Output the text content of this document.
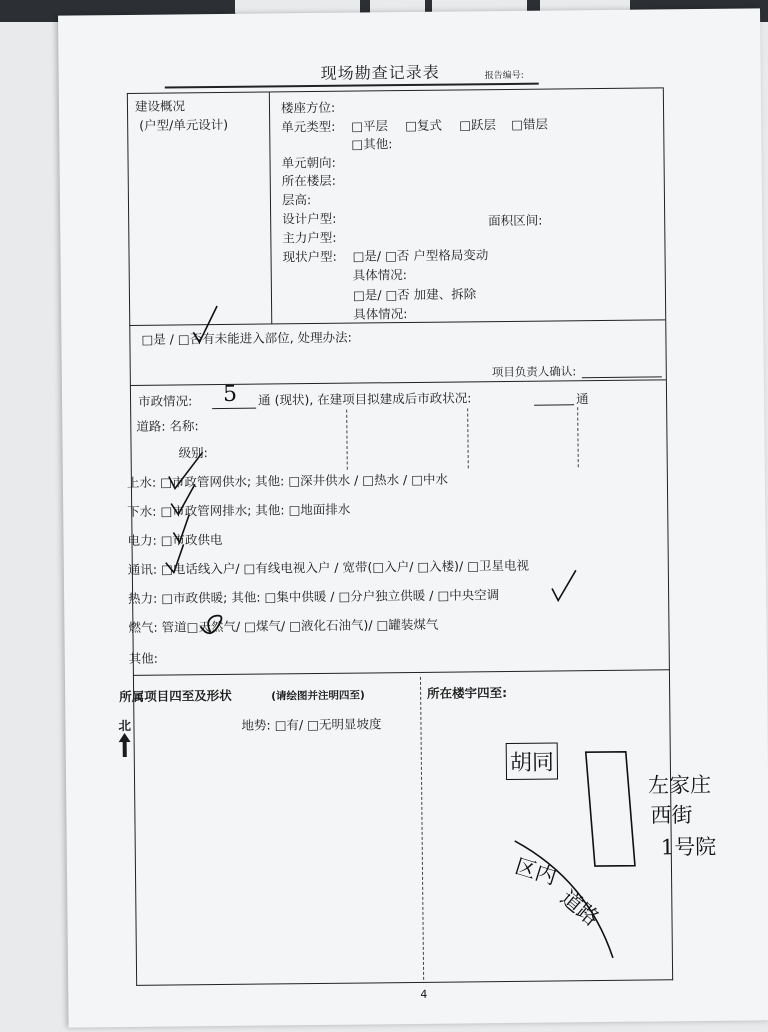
现场勘查记录表	报告编号:
建设概况
(户型/单元设计)
楼座方位:
单元类型: □平层 □复式 □跃层 □错层
□其他:
单元朝向:
所在楼层:
层高:
设计户型:	面积区间:
主力户型:
现状户型: □是/ □否 户型格局变动
具体情况:
□是/ □否 加建、拆除
具体情况:
□是 / □否有未能进入部位, 处理办法:
项目负责人确认:
市政情况: 5 通 (现状), 在建项目拟建成后市政状况:	通
道路: 名称:
级别:
上水: □市政管网供水; 其他: □深井供水 / □热水 / □中水
下水: □市政管网排水; 其他: □地面排水
电力: □市政供电
通讯: □电话线入户/ □有线电视入户 / 宽带(□入户/ □入楼)/ □卫星电视
热力: □市政供暖; 其他: □集中供暖 / □分户独立供暖 / □中央空调
燃气: 管道□天然气/ □煤气/ □液化石油气)/ □罐装煤气
其他:
所属项目四至及形状	(请绘图并注明四至)
北	地势: □有/ □无明显坡度
所在楼宇四至:
胡同
左家庄
西街
1号院
区内
道路
4
